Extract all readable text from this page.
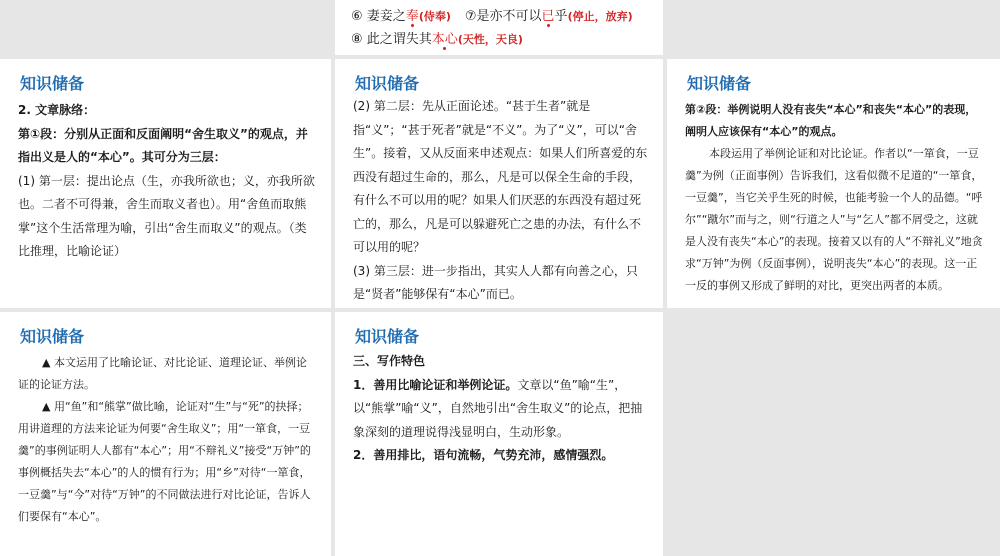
⑥ 妻妾之奉(侍奉) ⑦是亦不可以已乎(停止，放弃)
⑧ 此之谓失其本心(天性，天良)
知识储备

2. 文章脉络：

第①段：分别从正面和反面阐明“舍生取义”的观点，并指出义是人的“本心”。其可分为三层：

(1) 第一层：提出论点（生，亦我所欲也；义，亦我所欲也。二者不可得兼，舍生而取义者也）。用“舍鱼而取熊掌”这个生活常理为喻，引出“舍生而取义”的观点。（类比推理，比喻论证）

知识储备

(2) 第二层：先从正面论述。“甚于生者”就是指“义”；“甚于死者”就是“不义”。为了“义”，可以“舍生”。接着，又从反面来申述观点：如果人们所喜爱的东西没有超过生命的，那么，凡是可以保全生命的手段，有什么不可以用的呢？如果人们厌恶的东西没有超过死亡的，那么，凡是可以躲避死亡之患的办法，有什么不可以用的呢？

(3) 第三层：进一步指出，其实人人都有向善之心，只是“贤者”能够保有“本心”而已。

知识储备

第②段：举例说明人没有丧失“本心”和丧失“本心”的表现，阐明人应该保有“本心”的观点。

本段运用了举例论证和对比论证。作者以“一箪食，一豆羹”为例（正面事例）告诉我们，这看似微不足道的“一箪食，一豆羹”，当它关乎生死的时候，也能考验一个人的品德。“呼尔”“蹴尔”而与之，则“行道之人”与“乞人”都不屑受之，这就是人没有丧失“本心”的表现。接着又以有的人“不辩礼义”地贪求“万钟”为例（反面事例），说明丧失“本心”的表现。这一正一反的事例又形成了鲜明的对比，更突出两者的本质。

知识储备

▲ 本文运用了比喻论证、对比论证、道理论证、举例论证的论证方法。

▲ 用“鱼”和“熊掌”做比喻，论证对“生”与“死”的抉择；用讲道理的方法来论证为何要“舍生取义”；用“一箪食，一豆羹”的事例证明人人都有“本心”；用“不辩礼义”接受“万钟”的事例概括失去“本心”的人的惯有行为；用“乡”对待“一箪食，一豆羹”与“今”对待“万钟”的不同做法进行对比论证，告诉人们要保有“本心”。

知识储备

三、写作特色

1．善用比喻论证和举例论证。文章以“鱼”喻“生”，以“熊掌”喻“义”，自然地引出“舍生取义”的论点，把抽象深刻的道理说得浅显明白，生动形象。

2．善用排比，语句流畅，气势充沛，感情强烈。
